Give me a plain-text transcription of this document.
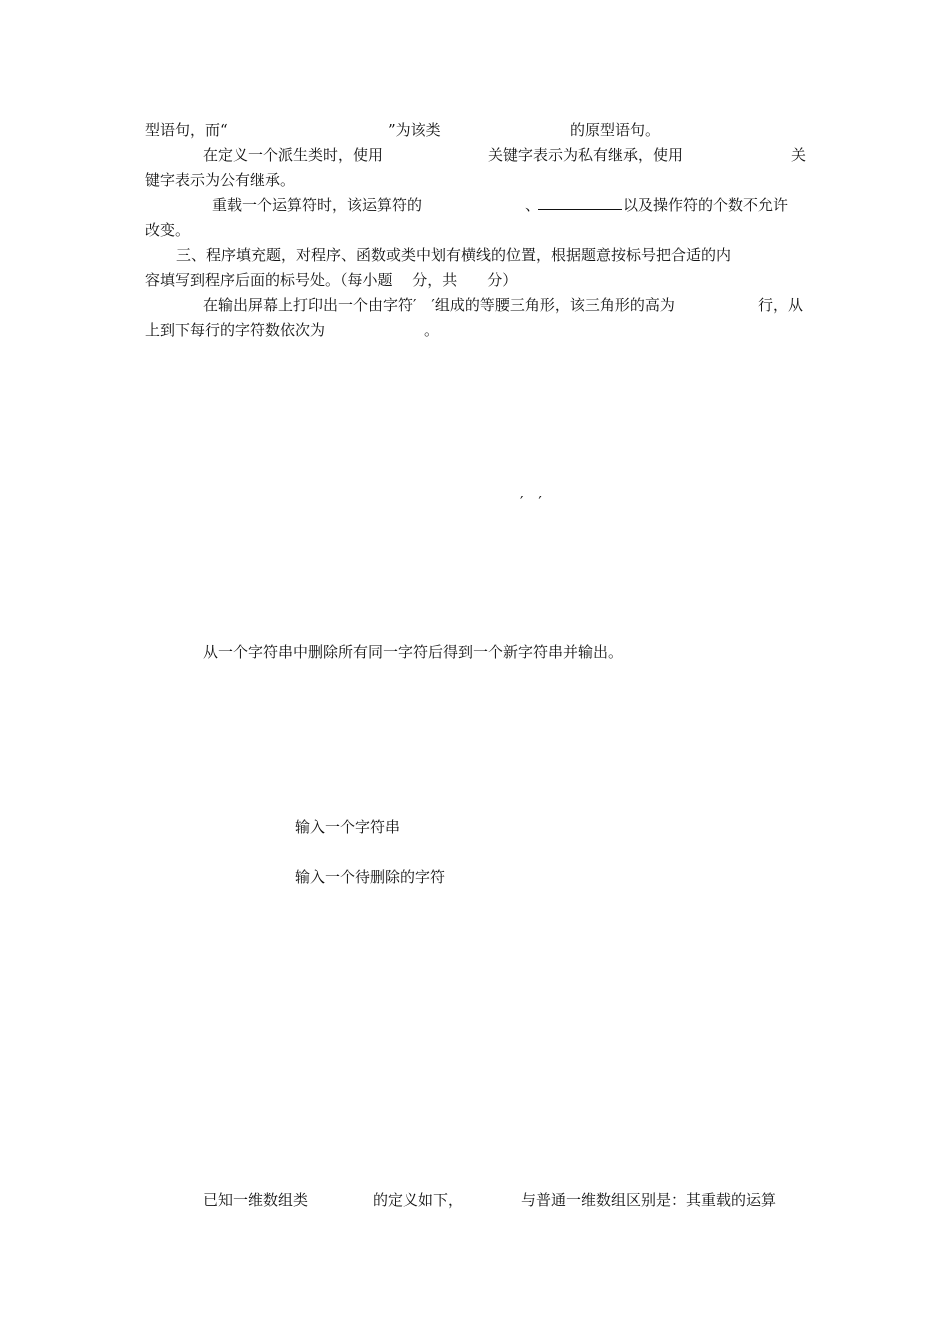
型语句，而“	”为该类	的原型语句。
在定义一个派生类时，使用	关键字表示为私有继承，使用	关
键字表示为公有继承。
重载一个运算符时，该运算符的	、	以及操作符的个数不允许
改变。
三、程序填充题，对程序、函数或类中划有横线的位置，根据题意按标号把合适的内
容填写到程序后面的标号处。（每小题　 分，共　　分）
在输出屏幕上打印出一个由字符′　′组成的等腰三角形，该三角形的高为	行，从
上到下每行的字符数依次为	。
′　′
从一个字符串中删除所有同一字符后得到一个新字符串并输出。
输入一个字符串
输入一个待删除的字符
已知一维数组类	的定义如下，	与普通一维数组区别是：其重载的运算
